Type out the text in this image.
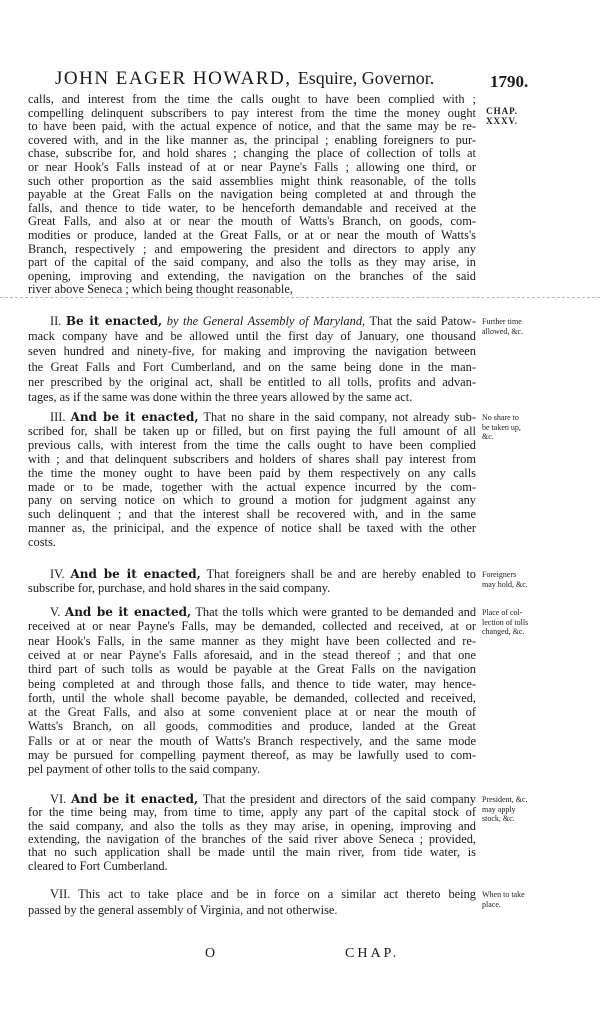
JOHN EAGER HOWARD, Esquire, Governor.	1790.
CHAP.
XXXV.
calls, and interest from the time the calls ought to have been complied with ;
compelling delinquent subscribers to pay interest from the time the money ought
to have been paid, with the actual expence of notice, and that the same may be re-
covered with, and in the like manner as, the principal ; enabling foreigners to pur-
chase, subscribe for, and hold shares ; changing the place of collection of tolls at
or near Hook's Falls instead of at or near Payne's Falls ; allowing one third, or
such other proportion as the said assemblies might think reasonable, of the tolls
payable at the Great Falls on the navigation being completed at and through the
falls, and thence to tide water, to be henceforth demandable and received at the
Great Falls, and also at or near the mouth of Watts's Branch, on goods, com-
modities or produce, landed at the Great Falls, or at or near the mouth of Watts's
Branch, respectively ; and empowering the president and directors to apply any
part of the capital of the said company, and also the tolls as they may arise, in
opening, improving and extending, the navigation on the branches of the said
river above Seneca ; which being thought reasonable,
II. Be it enacted, by the General Assembly of Maryland, That the said Patow-
mack company have and be allowed until the first day of January, one thousand
seven hundred and ninety-five, for making and improving the navigation between
the Great Falls and Fort Cumberland, and on the same being done in the man-
ner prescribed by the original act, shall be entitled to all tolls, profits and advan-
tages, as if the same was done within the three years allowed by the same act.
Further time
allowed, &c.
III. And be it enacted, That no share in the said company, not already sub-
scribed for, shall be taken up or filled, but on first paying the full amount of all
previous calls, with interest from the time the calls ought to have been complied
with ; and that delinquent subscribers and holders of shares shall pay interest from
the time the money ought to have been paid by them respectively on any calls
made or to be made, together with the actual expence incurred by the com-
pany on serving notice on which to ground a motion for judgment against any
such delinquent ; and that the interest shall be recovered with, and in the same
manner as, the prinicipal, and the expence of notice shall be taxed with the other
costs.
No share to
be taken up,
&c.
IV. And be it enacted, That foreigners shall be and are hereby enabled to
subscribe for, purchase, and hold shares in the said company.
Foreigners
may hold, &c.
V. And be it enacted, That the tolls which were granted to be demanded and
received at or near Payne's Falls, may be demanded, collected and received, at or
near Hook's Falls, in the same manner as they might have been collected and re-
ceived at or near Payne's Falls aforesaid, and in the stead thereof ; and that one
third part of such tolls as would be payable at the Great Falls on the navigation
being completed at and through those falls, and thence to tide water, may hence-
forth, until the whole shall become payable, be demanded, collected and received,
at the Great Falls, and also at some convenient place at or near the mouth of
Watts's Branch, on all goods, commodities and produce, landed at the Great
Falls or at or near the mouth of Watts's Branch respectively, and the same mode
may be pursued for compelling payment thereof, as may be lawfully used to com-
pel payment of other tolls to the said company.
Place of col-
lection of tolls
changed, &c.
VI. And be it enacted, That the president and directors of the said company
for the time being may, from time to time, apply any part of the capital stock of
the said company, and also the tolls as they may arise, in opening, improving and
extending, the navigation of the branches of the said river above Seneca ; provided,
that no such application shall be made until the main river, from tide water, is
cleared to Fort Cumberland.
President, &c.
may apply
stock, &c.
VII. This act to take place and be in force on a similar act thereto being
passed by the general assembly of Virginia, and not otherwise.
When to take
place.
O	CHAP.
